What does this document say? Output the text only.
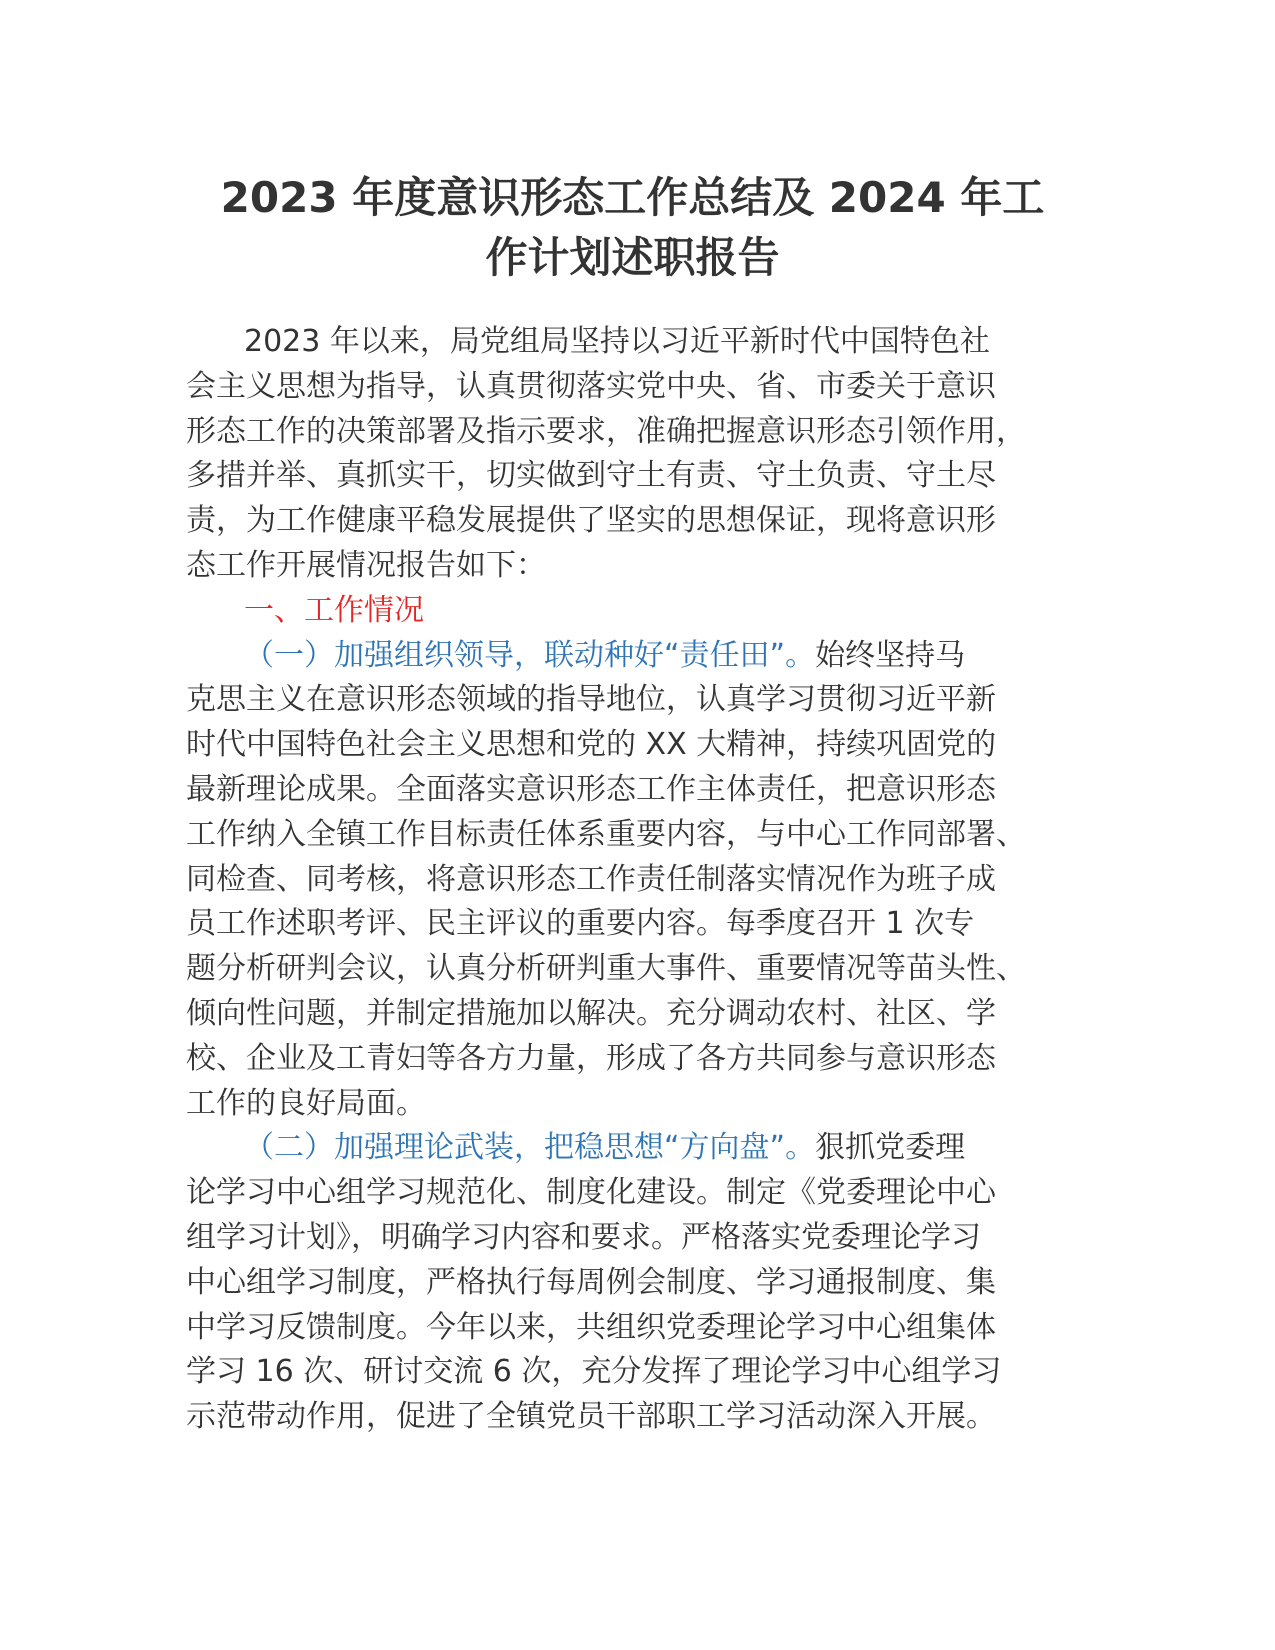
2023 年度意识形态工作总结及 2024 年工
作计划述职报告
2023 年以来，局党组局坚持以习近平新时代中国特色社
会主义思想为指导，认真贯彻落实党中央、省、市委关于意识
形态工作的决策部署及指示要求，准确把握意识形态引领作用，
多措并举、真抓实干，切实做到守土有责、守土负责、守土尽
责，为工作健康平稳发展提供了坚实的思想保证，现将意识形
态工作开展情况报告如下：
一、工作情况
（一）加强组织领导，联动种好“责任田”。始终坚持马
克思主义在意识形态领域的指导地位，认真学习贯彻习近平新
时代中国特色社会主义思想和党的 XX 大精神，持续巩固党的
最新理论成果。全面落实意识形态工作主体责任，把意识形态
工作纳入全镇工作目标责任体系重要内容，与中心工作同部署、
同检查、同考核，将意识形态工作责任制落实情况作为班子成
员工作述职考评、民主评议的重要内容。每季度召开 1 次专
题分析研判会议，认真分析研判重大事件、重要情况等苗头性、
倾向性问题，并制定措施加以解决。充分调动农村、社区、学
校、企业及工青妇等各方力量，形成了各方共同参与意识形态
工作的良好局面。
（二）加强理论武装，把稳思想“方向盘”。狠抓党委理
论学习中心组学习规范化、制度化建设。制定《党委理论中心
组学习计划》，明确学习内容和要求。严格落实党委理论学习
中心组学习制度，严格执行每周例会制度、学习通报制度、集
中学习反馈制度。今年以来，共组织党委理论学习中心组集体
学习 16 次、研讨交流 6 次，充分发挥了理论学习中心组学习
示范带动作用，促进了全镇党员干部职工学习活动深入开展。
